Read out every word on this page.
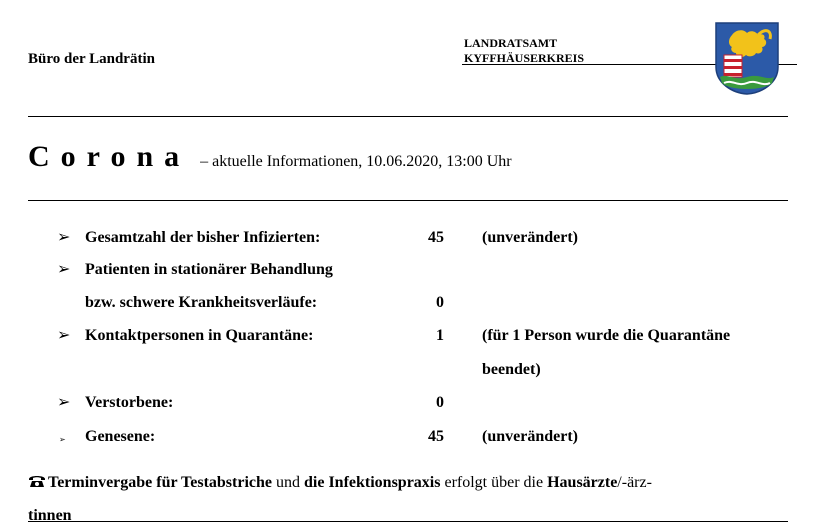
Büro der Landrätin
LANDRATSAMT
KYFFHÄUSERKREIS
Corona – aktuelle Informationen, 10.06.2020, 13:00 Uhr
➢ Gesamtzahl der bisher Infizierten:	45 (unverändert)
➢ Patienten in stationärer Behandlung
bzw. schwere Krankheitsverläufe:	0
➢ Kontaktpersonen in Quarantäne:	1 (für 1 Person wurde die Quarantäne
beendet)
➢ Verstorbene:	0
➢ Genesene:	45 (unverändert)
Terminvergabe für Testabstriche und die Infektionspraxis erfolgt über die Hausärzte/-ärz-
tinnen
